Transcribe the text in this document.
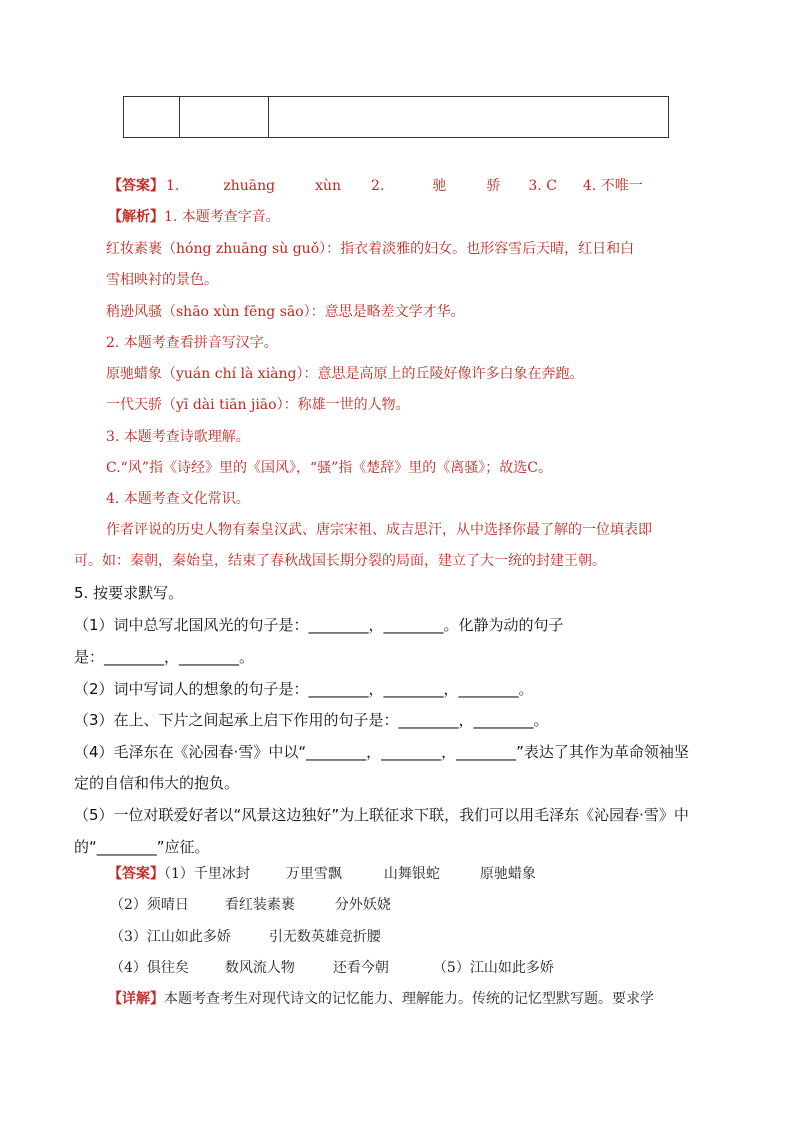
【答案】 1.	zhuāng	xùn 2.	驰	骄 3. C 4. 不唯一
【解析】1. 本题考查字音。
红妆素裹（hóng zhuāng sù guǒ）：指衣着淡雅的妇女。也形容雪后天晴，红日和白
雪相映衬的景色。
稍逊风骚（shāo xùn fēng sāo）：意思是略差文学才华。
2. 本题考查看拼音写汉字。
原驰蜡象（yuán chí là xiàng）：意思是高原上的丘陵好像许多白象在奔跑。
一代天骄（yī dài tiān jiāo）：称雄一世的人物。
3. 本题考查诗歌理解。
C.“风”指《诗经》里的《国风》，“骚”指《楚辞》里的《离骚》；故选C。
4. 本题考查文化常识。
作者评说的历史人物有秦皇汉武、唐宗宋祖、成吉思汗，从中选择你最了解的一位填表即
可。如：秦朝，秦始皇，结束了春秋战国长期分裂的局面，建立了大一统的封建王朝。
5. 按要求默写。
（1）词中总写北国风光的句子是：________，________。化静为动的句子
是：________，________。
（2）词中写词人的想象的句子是：________，________，________。
（3）在上、下片之间起承上启下作用的句子是：________，________。
（4）毛泽东在《沁园春·雪》中以“________，________，________”表达了其作为革命领袖坚
定的自信和伟大的抱负。
（5）一位对联爱好者以“风景这边独好”为上联征求下联，我们可以用毛泽东《沁园春·雪》中
的“________”应征。
【答案】（1）千里冰封	万里雪飘	山舞银蛇	原驰蜡象
（2）须晴日	看红装素裹	分外妖娆
（3）江山如此多娇	引无数英雄竞折腰
（4）俱往矣	数风流人物	还看今朝	（5）江山如此多娇
【详解】本题考查考生对现代诗文的记忆能力、理解能力。传统的记忆型默写题。要求学
